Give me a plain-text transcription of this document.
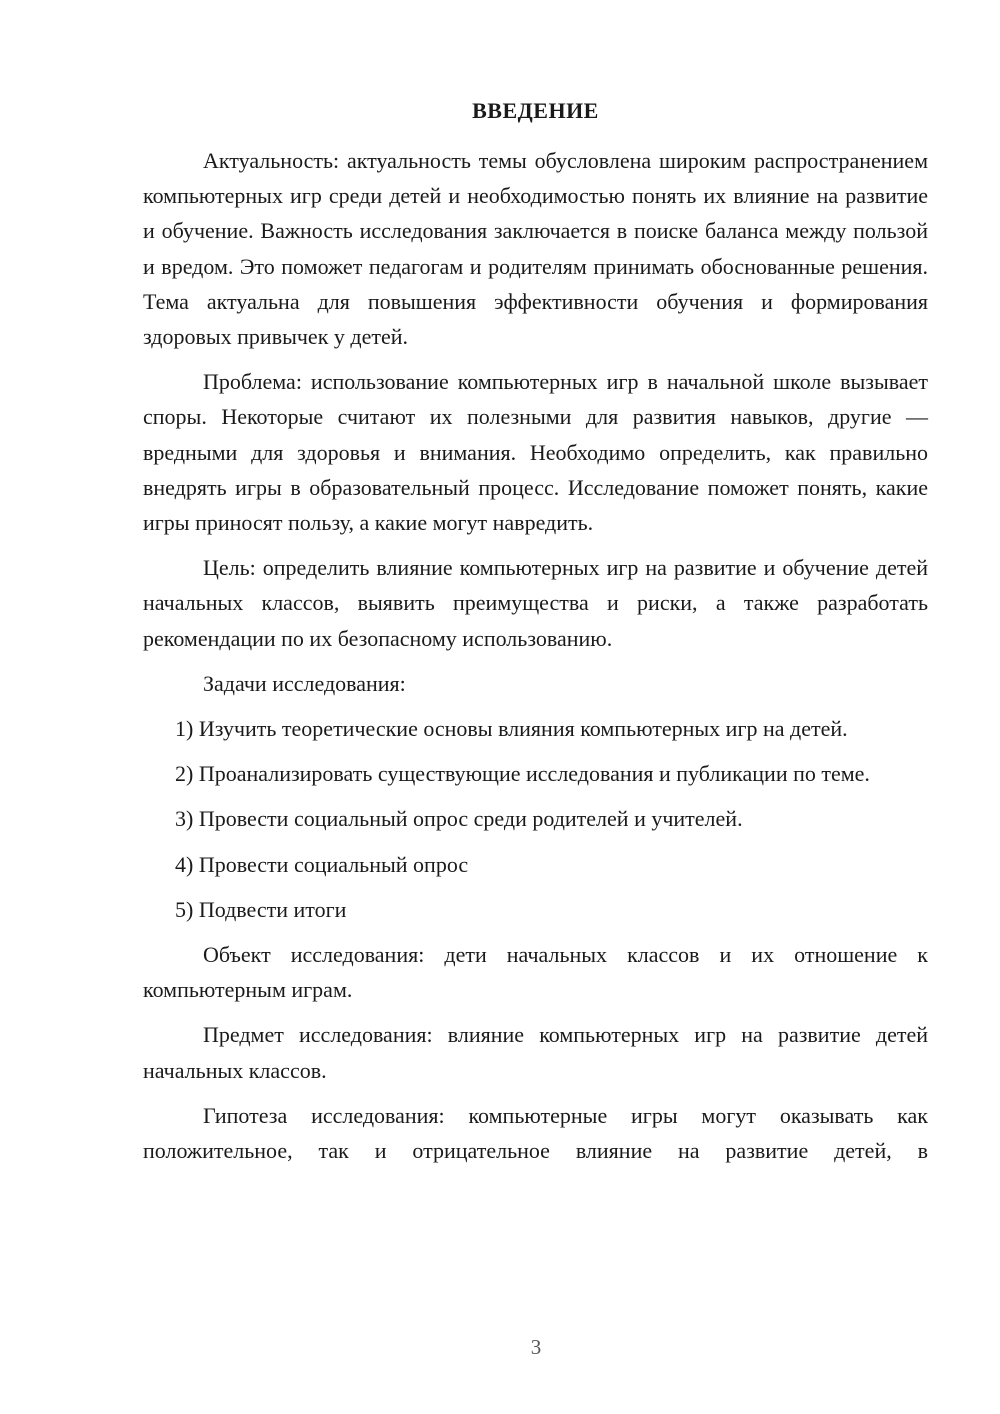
ВВЕДЕНИЕ

Актуальность: актуальность темы обусловлена широким распространением компьютерных игр среди детей и необходимостью понять их влияние на развитие и обучение. Важность исследования заключается в поиске баланса между пользой и вредом. Это поможет педагогам и родителям принимать обоснованные решения. Тема актуальна для повышения эффективности обучения и формирования здоровых привычек у детей.

Проблема: использование компьютерных игр в начальной школе вызывает споры. Некоторые считают их полезными для развития навыков, другие — вредными для здоровья и внимания. Необходимо определить, как правильно внедрять игры в образовательный процесс. Исследование поможет понять, какие игры приносят пользу, а какие могут навредить.

Цель: определить влияние компьютерных игр на развитие и обучение детей начальных классов, выявить преимущества и риски, а также разработать рекомендации по их безопасному использованию.

Задачи исследования:

1) Изучить теоретические основы влияния компьютерных игр на детей.

2) Проанализировать существующие исследования и публикации по теме.

3) Провести социальный опрос среди родителей и учителей.

4) Провести социальный опрос

5) Подвести итоги

Объект исследования: дети начальных классов и их отношение к компьютерным играм.

Предмет исследования: влияние компьютерных игр на развитие детей начальных классов.

Гипотеза исследования: компьютерные игры могут оказывать как положительное, так и отрицательное влияние на развитие детей, в

3
